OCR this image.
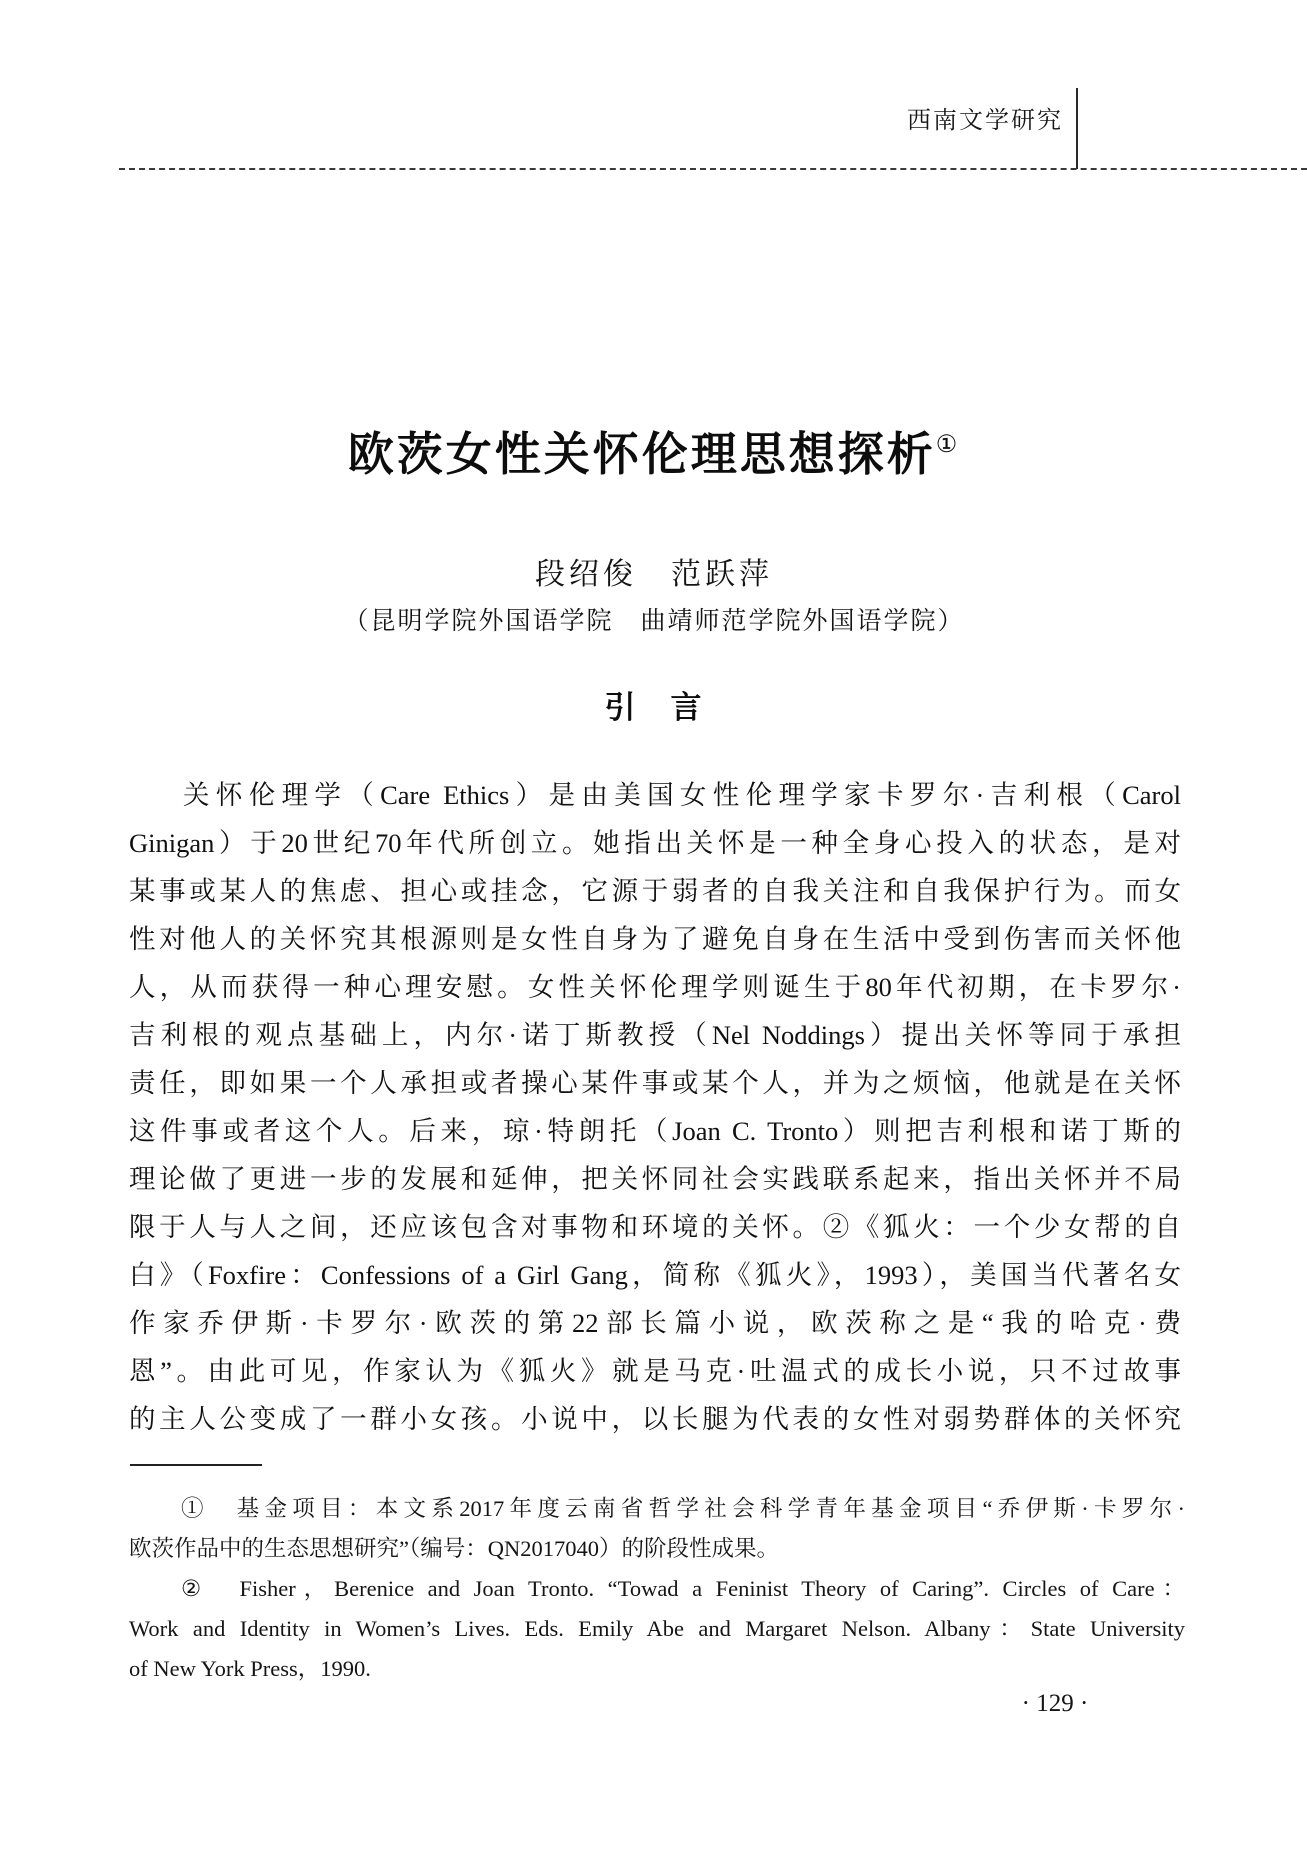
西南文学研究
欧茨女性关怀伦理思想探析①
段绍俊　范跃萍
（昆明学院外国语学院　曲靖师范学院外国语学院）
引　言
关怀伦理学（Care Ethics）是由美国女性伦理学家卡罗尔·吉利根（Carol
Ginigan）于20世纪70年代所创立。她指出关怀是一种全身心投入的状态，是对
某事或某人的焦虑、担心或挂念，它源于弱者的自我关注和自我保护行为。而女
性对他人的关怀究其根源则是女性自身为了避免自身在生活中受到伤害而关怀他
人，从而获得一种心理安慰。女性关怀伦理学则诞生于80年代初期，在卡罗尔·
吉利根的观点基础上，内尔·诺丁斯教授（Nel Noddings）提出关怀等同于承担
责任，即如果一个人承担或者操心某件事或某个人，并为之烦恼，他就是在关怀
这件事或者这个人。后来，琼·特朗托（Joan C. Tronto）则把吉利根和诺丁斯的
理论做了更进一步的发展和延伸，把关怀同社会实践联系起来，指出关怀并不局
限于人与人之间，还应该包含对事物和环境的关怀。②《狐火：一个少女帮的自
白》（Foxfire：Confessions of a Girl Gang，简称《狐火》，1993），美国当代著名女
作家乔伊斯·卡罗尔·欧茨的第22部长篇小说，欧茨称之是“我的哈克·费
恩”。由此可见，作家认为《狐火》就是马克·吐温式的成长小说，只不过故事
的主人公变成了一群小女孩。小说中，以长腿为代表的女性对弱势群体的关怀究
①　基金项目：本文系2017年度云南省哲学社会科学青年基金项目“乔伊斯·卡罗尔·
欧茨作品中的生态思想研究”（编号：QN2017040）的阶段性成果。
②　Fisher，Berenice and Joan Tronto. “Towad a Feninist Theory of Caring”. Circles of Care：
Work and Identity in Women’s Lives. Eds. Emily Abe and Margaret Nelson. Albany：State University
of New York Press，1990.
· 129 ·
